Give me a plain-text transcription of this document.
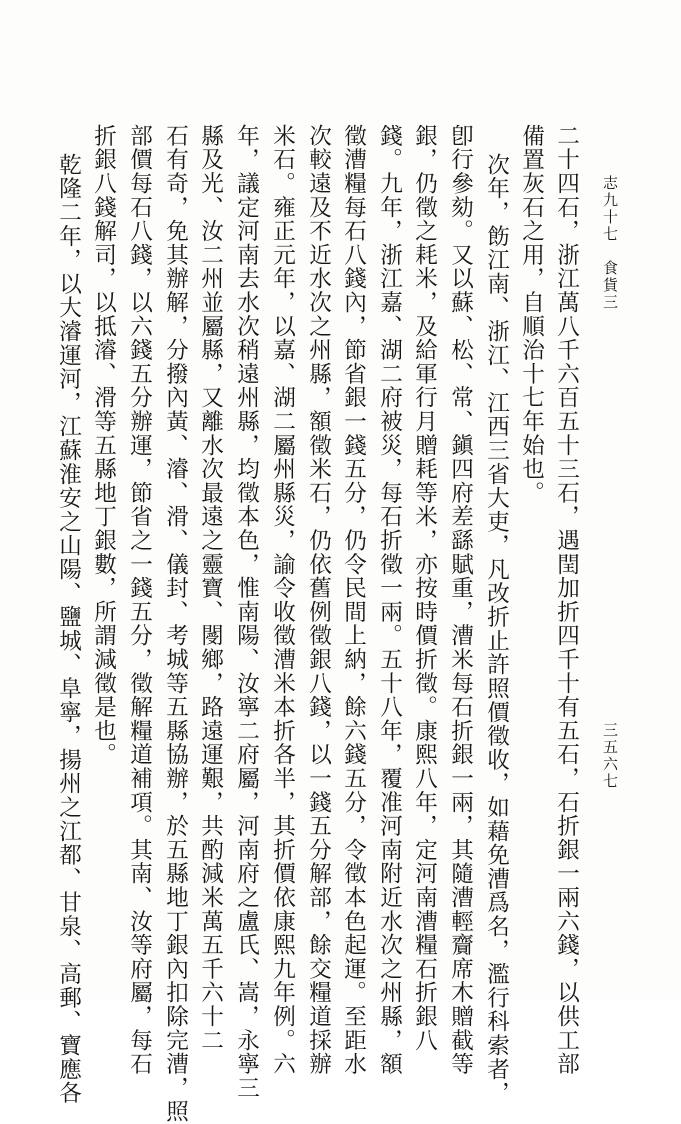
二十四石，浙江萬八千六百五十三石，遇閏加折四千十有五石，石折銀一兩六錢，以供工部
備置灰石之用，自順治十七年始也。
次年，飭江南、浙江、江西三省大吏，凡改折止許照價徵收，如藉免漕爲名，濫行科索者，
卽行參劾。又以蘇、松、常、鎭四府差繇賦重，漕米每石折銀一兩，其隨漕輕齎席木贈截等
銀，仍徵之耗米，及給軍行月贈耗等米，亦按時價折徵。康熙八年，定河南漕糧石折銀八
錢。九年，浙江嘉、湖二府被災，每石折徵一兩。五十八年，覆准河南附近水次之州縣，額
徵漕糧每石八錢內，節省銀一錢五分，仍令民間上納，餘六錢五分，令徵本色起運。至距水
次較遠及不近水次之州縣，額徵米石，仍依舊例徵銀八錢，以一錢五分解部，餘交糧道採辦
米石。雍正元年，以嘉、湖二屬州縣災，諭令收徵漕米本折各半，其折價依康熙九年例。六
年，議定河南去水次稍遠州縣，均徵本色，惟南陽、汝寧二府屬，河南府之盧氏、嵩，永寧三
縣及光、汝二州並屬縣，又離水次最遠之靈寶、閿鄉，路遠運艱，共酌減米萬五千六十二
石有奇，免其辦解，分撥內黃、濬、滑、儀封、考城等五縣協辦，於五縣地丁銀內扣除完漕，照
部價每石八錢，以六錢五分辦運，節省之一錢五分，徵解糧道補項。其南、汝等府屬，每石
折銀八錢解司，以抵濬、滑等五縣地丁銀數，所謂減徵是也。
乾隆二年，以大濬運河，江蘇淮安之山陽、鹽城、阜寧，揚州之江都、甘泉、高郵、寶應各	志九十七　食貨三
三五六七
